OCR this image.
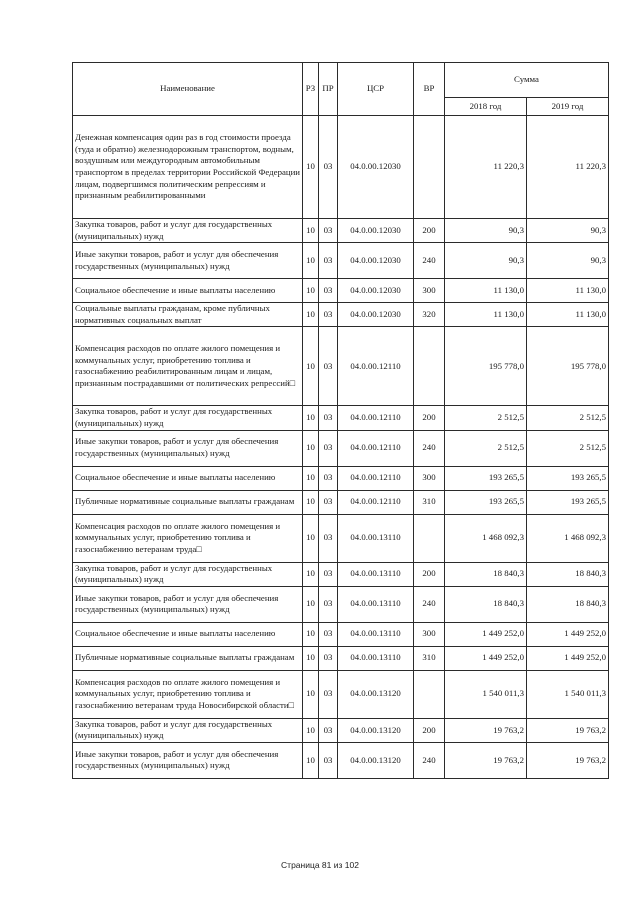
Наименование	РЗ	ПР	ЦСР	ВР	Сумма	
					2018 год	2019 год
Денежная компенсация один раз в год стоимости проезда (туда и обратно) железнодорожным транспортом, водным, воздушным или междугородным автомобильным транспортом в пределах территории Российской Федерации лицам, подвергшимся политическим репрессиям и признанным реабилитированными	10	03	04.0.00.12030		11 220,3	11 220,3
Закупка товаров, работ и услуг для государственных (муниципальных) нужд	10	03	04.0.00.12030	200	90,3	90,3
Иные закупки товаров, работ и услуг для обеспечения государственных (муниципальных) нужд	10	03	04.0.00.12030	240	90,3	90,3
Социальное обеспечение и иные выплаты населению	10	03	04.0.00.12030	300	11 130,0	11 130,0
Социальные выплаты гражданам, кроме публичных нормативных социальных выплат	10	03	04.0.00.12030	320	11 130,0	11 130,0
Компенсация расходов по оплате жилого помещения и коммунальных услуг, приобретению топлива и газоснабжению реабилитированным лицам и лицам, признанным пострадавшими от политических репрессий□	10	03	04.0.00.12110		195 778,0	195 778,0
Закупка товаров, работ и услуг для государственных (муниципальных) нужд	10	03	04.0.00.12110	200	2 512,5	2 512,5
Иные закупки товаров, работ и услуг для обеспечения государственных (муниципальных) нужд	10	03	04.0.00.12110	240	2 512,5	2 512,5
Социальное обеспечение и иные выплаты населению	10	03	04.0.00.12110	300	193 265,5	193 265,5
Публичные нормативные социальные выплаты гражданам	10	03	04.0.00.12110	310	193 265,5	193 265,5
Компенсация расходов по оплате жилого помещения и коммунальных услуг, приобретению топлива и газоснабжению ветеранам труда□	10	03	04.0.00.13110		1 468 092,3	1 468 092,3
Закупка товаров, работ и услуг для государственных (муниципальных) нужд	10	03	04.0.00.13110	200	18 840,3	18 840,3
Иные закупки товаров, работ и услуг для обеспечения государственных (муниципальных) нужд	10	03	04.0.00.13110	240	18 840,3	18 840,3
Социальное обеспечение и иные выплаты населению	10	03	04.0.00.13110	300	1 449 252,0	1 449 252,0
Публичные нормативные социальные выплаты гражданам	10	03	04.0.00.13110	310	1 449 252,0	1 449 252,0
Компенсация расходов по оплате жилого помещения и коммунальных услуг, приобретению топлива и газоснабжению ветеранам труда Новосибирской области□	10	03	04.0.00.13120		1 540 011,3	1 540 011,3
Закупка товаров, работ и услуг для государственных (муниципальных) нужд	10	03	04.0.00.13120	200	19 763,2	19 763,2
Иные закупки товаров, работ и услуг для обеспечения государственных (муниципальных) нужд	10	03	04.0.00.13120	240	19 763,2	19 763,2
Страница 81 из 102
